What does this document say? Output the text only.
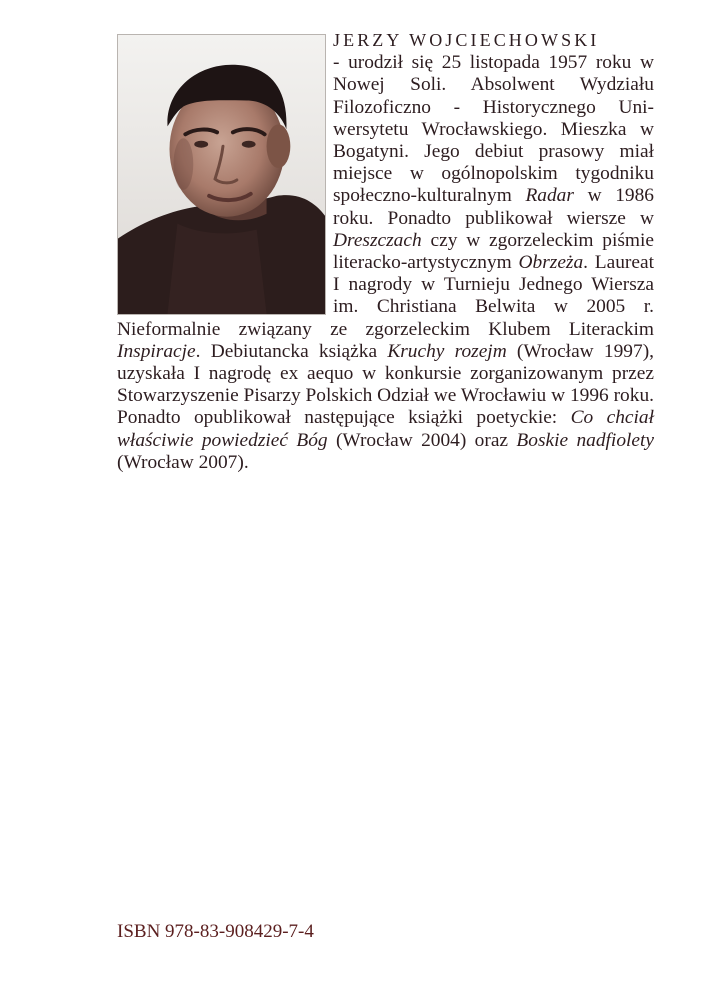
JERZY WOJCIECHOWSKI
- urodził się 25 listopada 1957 roku w Nowej Soli. Absolwent Wydziału Filozoficzno - Historycznego Uniwersytetu Wrocławskiego. Mieszka w Bogatyni. Jego debiut prasowy miał miejsce w ogólnopolskim tygodniku społeczno-kulturalnym Radar w 1986 roku. Ponadto publikował wiersze w Dreszczach czy w zgorzeleckim piśmie literacko-artystycznym Obrzeża. Laureat I nagrody w Turnieju Jednego Wiersza im. Christiana Belwita w 2005 r. Nieformalnie związany ze zgorzeleckim Klubem Literackim Inspiracje. Debiutancka książka Kruchy rozejm (Wrocław 1997), uzyskała I nagrodę ex aequo w konkursie zorganizowanym przez Stowarzyszenie Pisarzy Polskich Odział we Wrocławiu w 1996 roku. Ponadto opublikował następujące książki poetyckie: Co chciał właściwie powiedzieć Bóg (Wrocław 2004) oraz Boskie nadfiolety (Wrocław 2007).

ISBN 978-83-908429-7-4
